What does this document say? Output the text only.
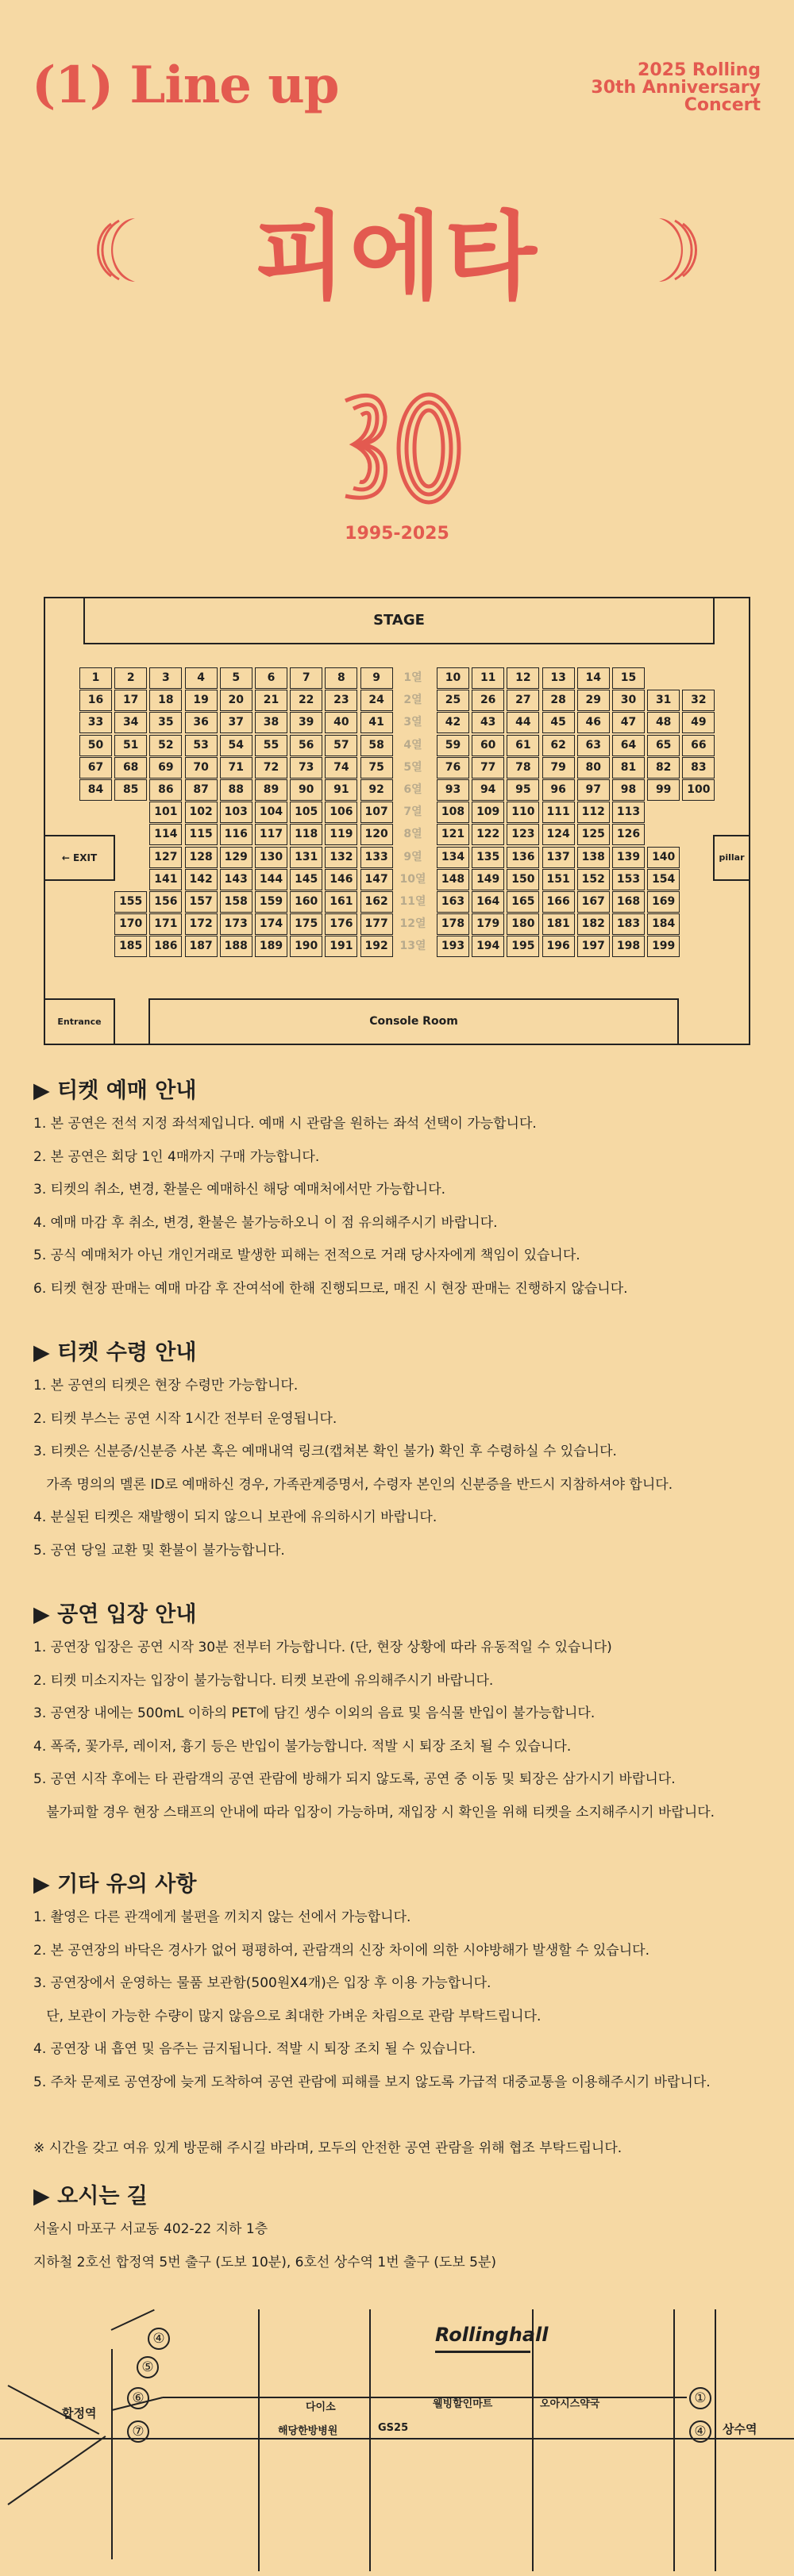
(1) Line up	2025 Rolling
30th Anniversary
Concert
피에타
1995-2025
STAGE
← EXIT	pillar
Entrance	Console Room
1	2	3	4	5	6	7	8	9	1열	10	11	12	13	14	15
16	17	18	19	20	21	22	23	24	2열	25	26	27	28	29	30	31	32
33	34	35	36	37	38	39	40	41	3열	42	43	44	45	46	47	48	49
50	51	52	53	54	55	56	57	58	4열	59	60	61	62	63	64	65	66
67	68	69	70	71	72	73	74	75	5열	76	77	78	79	80	81	82	83
84	85	86	87	88	89	90	91	92	6열	93	94	95	96	97	98	99	100
101	102	103	104	105	106	107	7열	108	109	110	111	112	113
114	115	116	117	118	119	120	8열	121	122	123	124	125	126
127	128	129	130	131	132	133	9열	134	135	136	137	138	139	140
141	142	143	144	145	146	147	10열	148	149	150	151	152	153	154
155	156	157	158	159	160	161	162	11열	163	164	165	166	167	168	169
170	171	172	173	174	175	176	177	12열	178	179	180	181	182	183	184
185	186	187	188	189	190	191	192	13열	193	194	195	196	197	198	199
▶ 티켓 예매 안내
1. 본 공연은 전석 지정 좌석제입니다. 예매 시 관람을 원하는 좌석 선택이 가능합니다.
2. 본 공연은 회당 1인 4매까지 구매 가능합니다.
3. 티켓의 취소, 변경, 환불은 예매하신 해당 예매처에서만 가능합니다.
4. 예매 마감 후 취소, 변경, 환불은 불가능하오니 이 점 유의해주시기 바랍니다.
5. 공식 예매처가 아닌 개인거래로 발생한 피해는 전적으로 거래 당사자에게 책임이 있습니다.
6. 티켓 현장 판매는 예매 마감 후 잔여석에 한해 진행되므로, 매진 시 현장 판매는 진행하지 않습니다.
▶ 티켓 수령 안내
1. 본 공연의 티켓은 현장 수령만 가능합니다.
2. 티켓 부스는 공연 시작 1시간 전부터 운영됩니다.
3. 티켓은 신분증/신분증 사본 혹은 예매내역 링크(캡쳐본 확인 불가) 확인 후 수령하실 수 있습니다.
가족 명의의 멜론 ID로 예매하신 경우, 가족관계증명서, 수령자 본인의 신분증을 반드시 지참하셔야 합니다.
4. 분실된 티켓은 재발행이 되지 않으니 보관에 유의하시기 바랍니다.
5. 공연 당일 교환 및 환불이 불가능합니다.
▶ 공연 입장 안내
1. 공연장 입장은 공연 시작 30분 전부터 가능합니다. (단, 현장 상황에 따라 유동적일 수 있습니다)
2. 티켓 미소지자는 입장이 불가능합니다. 티켓 보관에 유의해주시기 바랍니다.
3. 공연장 내에는 500mL 이하의 PET에 담긴 생수 이외의 음료 및 음식물 반입이 불가능합니다.
4. 폭죽, 꽃가루, 레이저, 흉기 등은 반입이 불가능합니다. 적발 시 퇴장 조치 될 수 있습니다.
5. 공연 시작 후에는 타 관람객의 공연 관람에 방해가 되지 않도록, 공연 중 이동 및 퇴장은 삼가시기 바랍니다.
불가피할 경우 현장 스태프의 안내에 따라 입장이 가능하며, 재입장 시 확인을 위해 티켓을 소지해주시기 바랍니다.
▶ 기타 유의 사항
1. 촬영은 다른 관객에게 불편을 끼치지 않는 선에서 가능합니다.
2. 본 공연장의 바닥은 경사가 없어 평평하여, 관람객의 신장 차이에 의한 시야방해가 발생할 수 있습니다.
3. 공연장에서 운영하는 물품 보관함(500원X4개)은 입장 후 이용 가능합니다.
단, 보관이 가능한 수량이 많지 않음으로 최대한 가벼운 차림으로 관람 부탁드립니다.
4. 공연장 내 흡연 및 음주는 금지됩니다. 적발 시 퇴장 조치 될 수 있습니다.
5. 주차 문제로 공연장에 늦게 도착하여 공연 관람에 피해를 보지 않도록 가급적 대중교통을 이용해주시기 바랍니다.
※ 시간을 갖고 여유 있게 방문해 주시길 바라며, 모두의 안전한 공연 관람을 위해 협조 부탁드립니다.
▶ 오시는 길
서울시 마포구 서교동 402-22 지하 1층
지하철 2호선 합정역 5번 출구 (도보 10분), 6호선 상수역 1번 출구 (도보 5분)
Rollinghall
합정역
상수역
다이소
해당한방병원	GS25
웰빙할인마트	오아시스약국
④
⑤
⑥
⑦
①
④
